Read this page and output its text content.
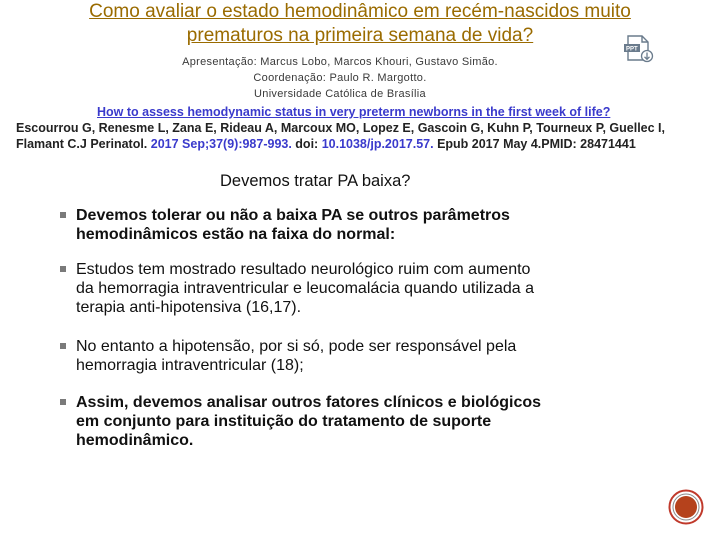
Como avaliar o estado hemodinâmico em recém-nascidos muito
prematuros na primeira semana de vida?
PPT
Apresentação: Marcus Lobo, Marcos Khouri, Gustavo Simão.
Coordenação: Paulo R. Margotto.
Universidade Católica de Brasília
How to assess hemodynamic status in very preterm newborns in the first week of life?
Escourrou G, Renesme L, Zana E, Rideau A, Marcoux MO, Lopez E, Gascoin G, Kuhn P, Tourneux P, Guellec I,
Flamant C.J Perinatol. 2017 Sep;37(9):987-993. doi: 10.1038/jp.2017.57. Epub 2017 May 4.PMID: 28471441
Devemos tratar PA baixa?
Devemos tolerar ou não a baixa PA se outros parâmetros
hemodinâmicos estão na faixa do normal:
Estudos tem mostrado resultado neurológico ruim com aumento
da hemorragia intraventricular e leucomalácia quando utilizada a
terapia anti-hipotensiva (16,17).
No entanto a hipotensão, por si só, pode ser responsável pela
hemorragia intraventricular (18);
Assim, devemos analisar outros fatores clínicos e biológicos
em conjunto para instituição do tratamento de suporte
hemodinâmico.
